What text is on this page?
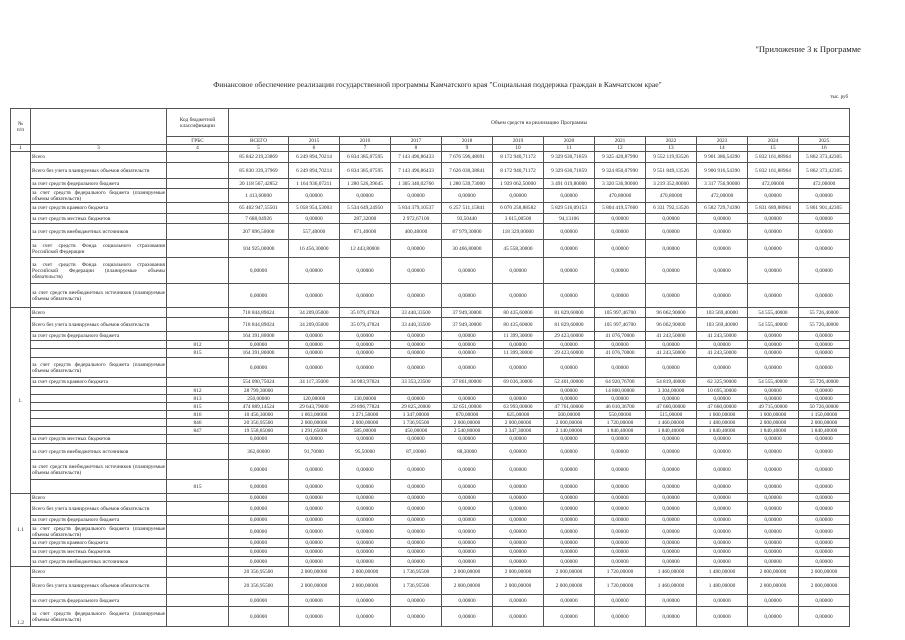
"Приложение 3 к Программе
Финансовое обеспечение реализации государственной программы Камчатского края "Социальная поддержка граждан в Камчатском крае"
тыс. руб
№ п/п		Код бюджетной классификации	Объем средств на реализацию Программы											
		ГРБС	ВСЕГО	2015	2016	2017	2018	2019	2020	2021	2022	2023	2024	2025
1	3	4	5	6	7	8	9	10	11	12	13	14	15	16
	Всего		85 842 219,23869	6 249 894,70214	6 834 385,07595	7 143 496,86433	7 676 596,48691	8 172 940,71172	9 329 630,71859	9 325 420,87990	9 552 119,93526	9 901 386,54390	5 832 161,88964	5 862 373,42305
	Всего без учета планируемых объемов обязательств		85 830 339,37969	6 249 894,70214	6 834 385,07595	7 143 496,86433	7 626 030,38841	8 172 940,71172	9 329 630,71859	9 324 850,07990	9 551 849,13526	9 900 916,54390	5 832 161,88964	5 862 373,42305
	за счет средств федерального бюджета		20 118 567,42852	1 164 936,07211	1 280 526,39645	1 305 340,02766	1 280 539,73000	1 939 062,50000	3 491 019,80000	3 320 536,90000	3 219 352,00000	3 317 756,90000	472,00000	472,00000
	за счет средств федерального бюджета (планируемые объемы обязательств)		1 413,60000	0,00000	0,00000	0,00000	0,00000	0,00000	0,00000	470,80000	470,80000	472,00000	0,00000	0,00000
	за счет средств краевого бюджета		65 402 947,55501	5 058 954,53003	5 534 649,24950	5 834 379,10537	6 257 511,15841	6 070 258,88582	5 829 516,09153	5 804 419,57600	6 331 792,13526	6 582 729,74390	5 831 689,88964	5 861 901,42305
	за счет средств местных бюджетов		7 688,04926	0,00000	287,32000	2 972,67100	93,50440	3 615,00500	94,13106	0,00000	0,00000	0,00000	0,00000	0,00000
	за счет средств внебюджетных источников		207 896,50000	557,40000	671,40000	400,40000	87 979,30000	118 329,00000	0,00000	0,00000	0,00000	0,00000	0,00000	0,00000
	за счет средств Фонда социального страхования Российской Федерации		104 925,00000	16 456,30000	12 443,80000	0,00000	30 466,80000	45 558,30000	0,00000	0,00000	0,00000	0,00000	0,00000	0,00000
	за счет средств Фонда социального страхования Российской Федерации (планируемые объемы обязательств)		0,00000	0,00000	0,00000	0,00000	0,00000	0,00000	0,00000	0,00000	0,00000	0,00000	0,00000	0,00000
	за счет средств внебюджетных источников (планируемые объемы обязательств)		0,00000	0,00000	0,00000	0,00000	0,00000	0,00000	0,00000	0,00000	0,00000	0,00000	0,00000	0,00000
1.	Всего		718 844,89024	34 209,05000	35 079,47824	33 440,33500	37 949,30000	80 435,60000	81 829,60000	105 997,46700	96 062,90000	103 569,40000	54 555,40000	55 726,40000
	Всего без учета планируемых объемов обязательств		718 844,89024	34 209,05000	35 079,47824	33 440,33500	37 949,30000	80 435,60000	81 829,60000	105 997,46700	96 062,90000	103 569,40000	54 555,40000	55 726,40000
	за счет средств федерального бюджета		164 391,80000	0,00000	0,00000	0,00000	0,00000	11 399,30000	29 423,60000	41 076,70000	41 243,50000	41 243,50000	0,00000	0,00000
		812	0,00000	0,00000	0,00000	0,00000	0,00000	0,00000	0,00000	0,00000	0,00000	0,00000	0,00000	0,00000
		815	164 391,80000	0,00000	0,00000	0,00000	0,00000	11 399,30000	29 423,60000	41 076,70000	41 243,50000	41 243,50000	0,00000	0,00000
	за счет средств федерального бюджета (планируемые объемы обязательств)		0,00000	0,00000	0,00000	0,00000	0,00000	0,00000	0,00000	0,00000	0,00000	0,00000	0,00000	0,00000
	за счет средств краевого бюджета		554 090,75024	34 117,35000	34 983,97824	33 353,23500	37 861,80000	69 036,30000	52 401,00000	64 920,76700	54 819,40000	62 325,90000	54 555,40000	55 726,40000
		812	28 799,30000						0,00000	14 800,00000	3 304,00000	10 695,30000	0,00000	0,00000
		813	250,00000	120,00000	130,00000	0,00000	0,00000	0,00000	0,00000	0,00000	0,00000	0,00000	0,00000	0,00000
		815	474 889,14524	29 643,79000	29 896,77824	29 825,20000	32 651,00000	63 993,00000	47 761,00000	46 010,36700	47 660,00000	47 660,00000	49 715,00000	50 726,00000
		816	10 456,30000	1 063,00000	1 271,50000	1 347,00000	670,00000	625,00000	500,00000	550,00000	515,00000	1 000,00000	1 000,00000	1 150,00000
		846	20 356,95500	2 000,00000	2 000,00000	1 736,95500	2 000,00000	2 000,00000	2 000,00000	1 720,00000	1 460,00000	1 480,00000	2 000,00000	2 000,00000
		847	19 558,85000	1 291,65000	585,00000	450,00000	2 540,80000	3 347,30000	2 140,00000	1 840,40000	1 840,40000	1 840,40000	1 840,40000	1 840,40000
	за счет средств местных бюджетов		0,00000	0,00000	0,00000	0,00000	0,00000	0,00000	0,00000	0,00000	0,00000	0,00000	0,00000	0,00000
	за счет средств внебюджетных источников		362,60000	91,70000	95,50000	87,10000	88,30000	0,00000	0,00000	0,00000	0,00000	0,00000	0,00000	0,00000
	за счет средств внебюджетных источников (планируемые объемы обязательств)		0,00000	0,00000	0,00000	0,00000	0,00000	0,00000	0,00000	0,00000	0,00000	0,00000	0,00000	0,00000
		815	0,00000	0,00000	0,00000	0,00000	0,00000	0,00000	0,00000	0,00000	0,00000	0,00000	0,00000	0,00000
1.1	Всего		0,00000	0,00000	0,00000	0,00000	0,00000	0,00000	0,00000	0,00000	0,00000	0,00000	0,00000	0,00000
	Всего без учета планируемых объемов обязательств		0,00000	0,00000	0,00000	0,00000	0,00000	0,00000	0,00000	0,00000	0,00000	0,00000	0,00000	0,00000
	за счет средств федерального бюджета		0,00000	0,00000	0,00000	0,00000	0,00000	0,00000	0,00000	0,00000	0,00000	0,00000	0,00000	0,00000
	за счет средств федерального бюджета (планируемые объемы обязательств)		0,00000	0,00000	0,00000	0,00000	0,00000	0,00000	0,00000	0,00000	0,00000	0,00000	0,00000	0,00000
	за счет средств краевого бюджета		0,00000	0,00000	0,00000	0,00000	0,00000	0,00000	0,00000	0,00000	0,00000	0,00000	0,00000	0,00000
	за счет средств местных бюджетов		0,00000	0,00000	0,00000	0,00000	0,00000	0,00000	0,00000	0,00000	0,00000	0,00000	0,00000	0,00000
	за счет средств внебюджетных источников		0,00000	0,00000	0,00000	0,00000	0,00000	0,00000	0,00000	0,00000	0,00000	0,00000	0,00000	0,00000
1.2	Всего		20 356,95500	2 000,00000	2 000,00000	1 736,95500	2 000,00000	2 000,00000	2 000,00000	1 720,00000	1 460,00000	1 480,00000	2 000,00000	2 000,00000
	Всего без учета планируемых объемов обязательств		20 356,95500	2 000,00000	2 000,00000	1 736,95500	2 000,00000	2 000,00000	2 000,00000	1 720,00000	1 460,00000	1 480,00000	2 000,00000	2 000,00000
	за счет средств федерального бюджета		0,00000	0,00000	0,00000	0,00000	0,00000	0,00000	0,00000	0,00000	0,00000	0,00000	0,00000	0,00000
	за счет средств федерального бюджета (планируемые объемы обязательств)		0,00000	0,00000	0,00000	0,00000	0,00000	0,00000	0,00000	0,00000	0,00000	0,00000	0,00000	0,00000
